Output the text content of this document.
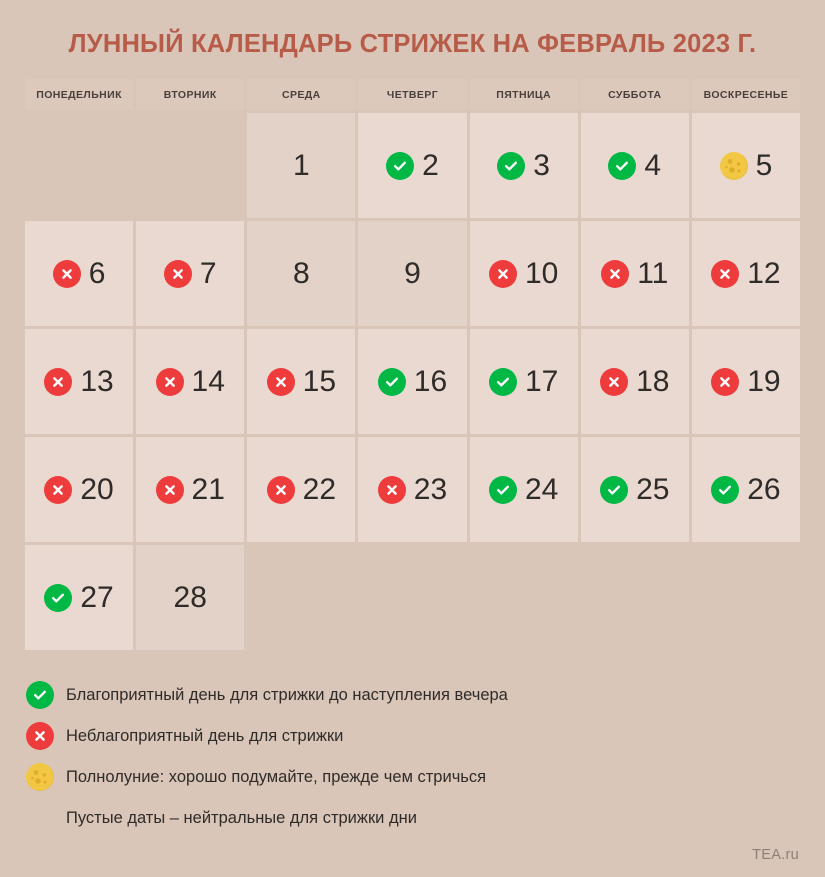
ЛУННЫЙ КАЛЕНДАРЬ СТРИЖЕК НА ФЕВРАЛЬ 2023 Г.
ПОНЕДЕЛЬНИК	ВТОРНИК	СРЕДА	ЧЕТВЕРГ	ПЯТНИЦА	СУББОТА	ВОСКРЕСЕНЬЕ

		1	2	3	4	5

6	7	8	9	10	11	12

13	14	15	16	17	18	19

20	21	22	23	24	25	26

27	28					

Благоприятный день для стрижки до наступления вечера
Неблагоприятный день для стрижки
Полнолуние: хорошо подумайте, прежде чем стричься
Пустые даты – нейтральные для стрижки дни
TEA.ru
